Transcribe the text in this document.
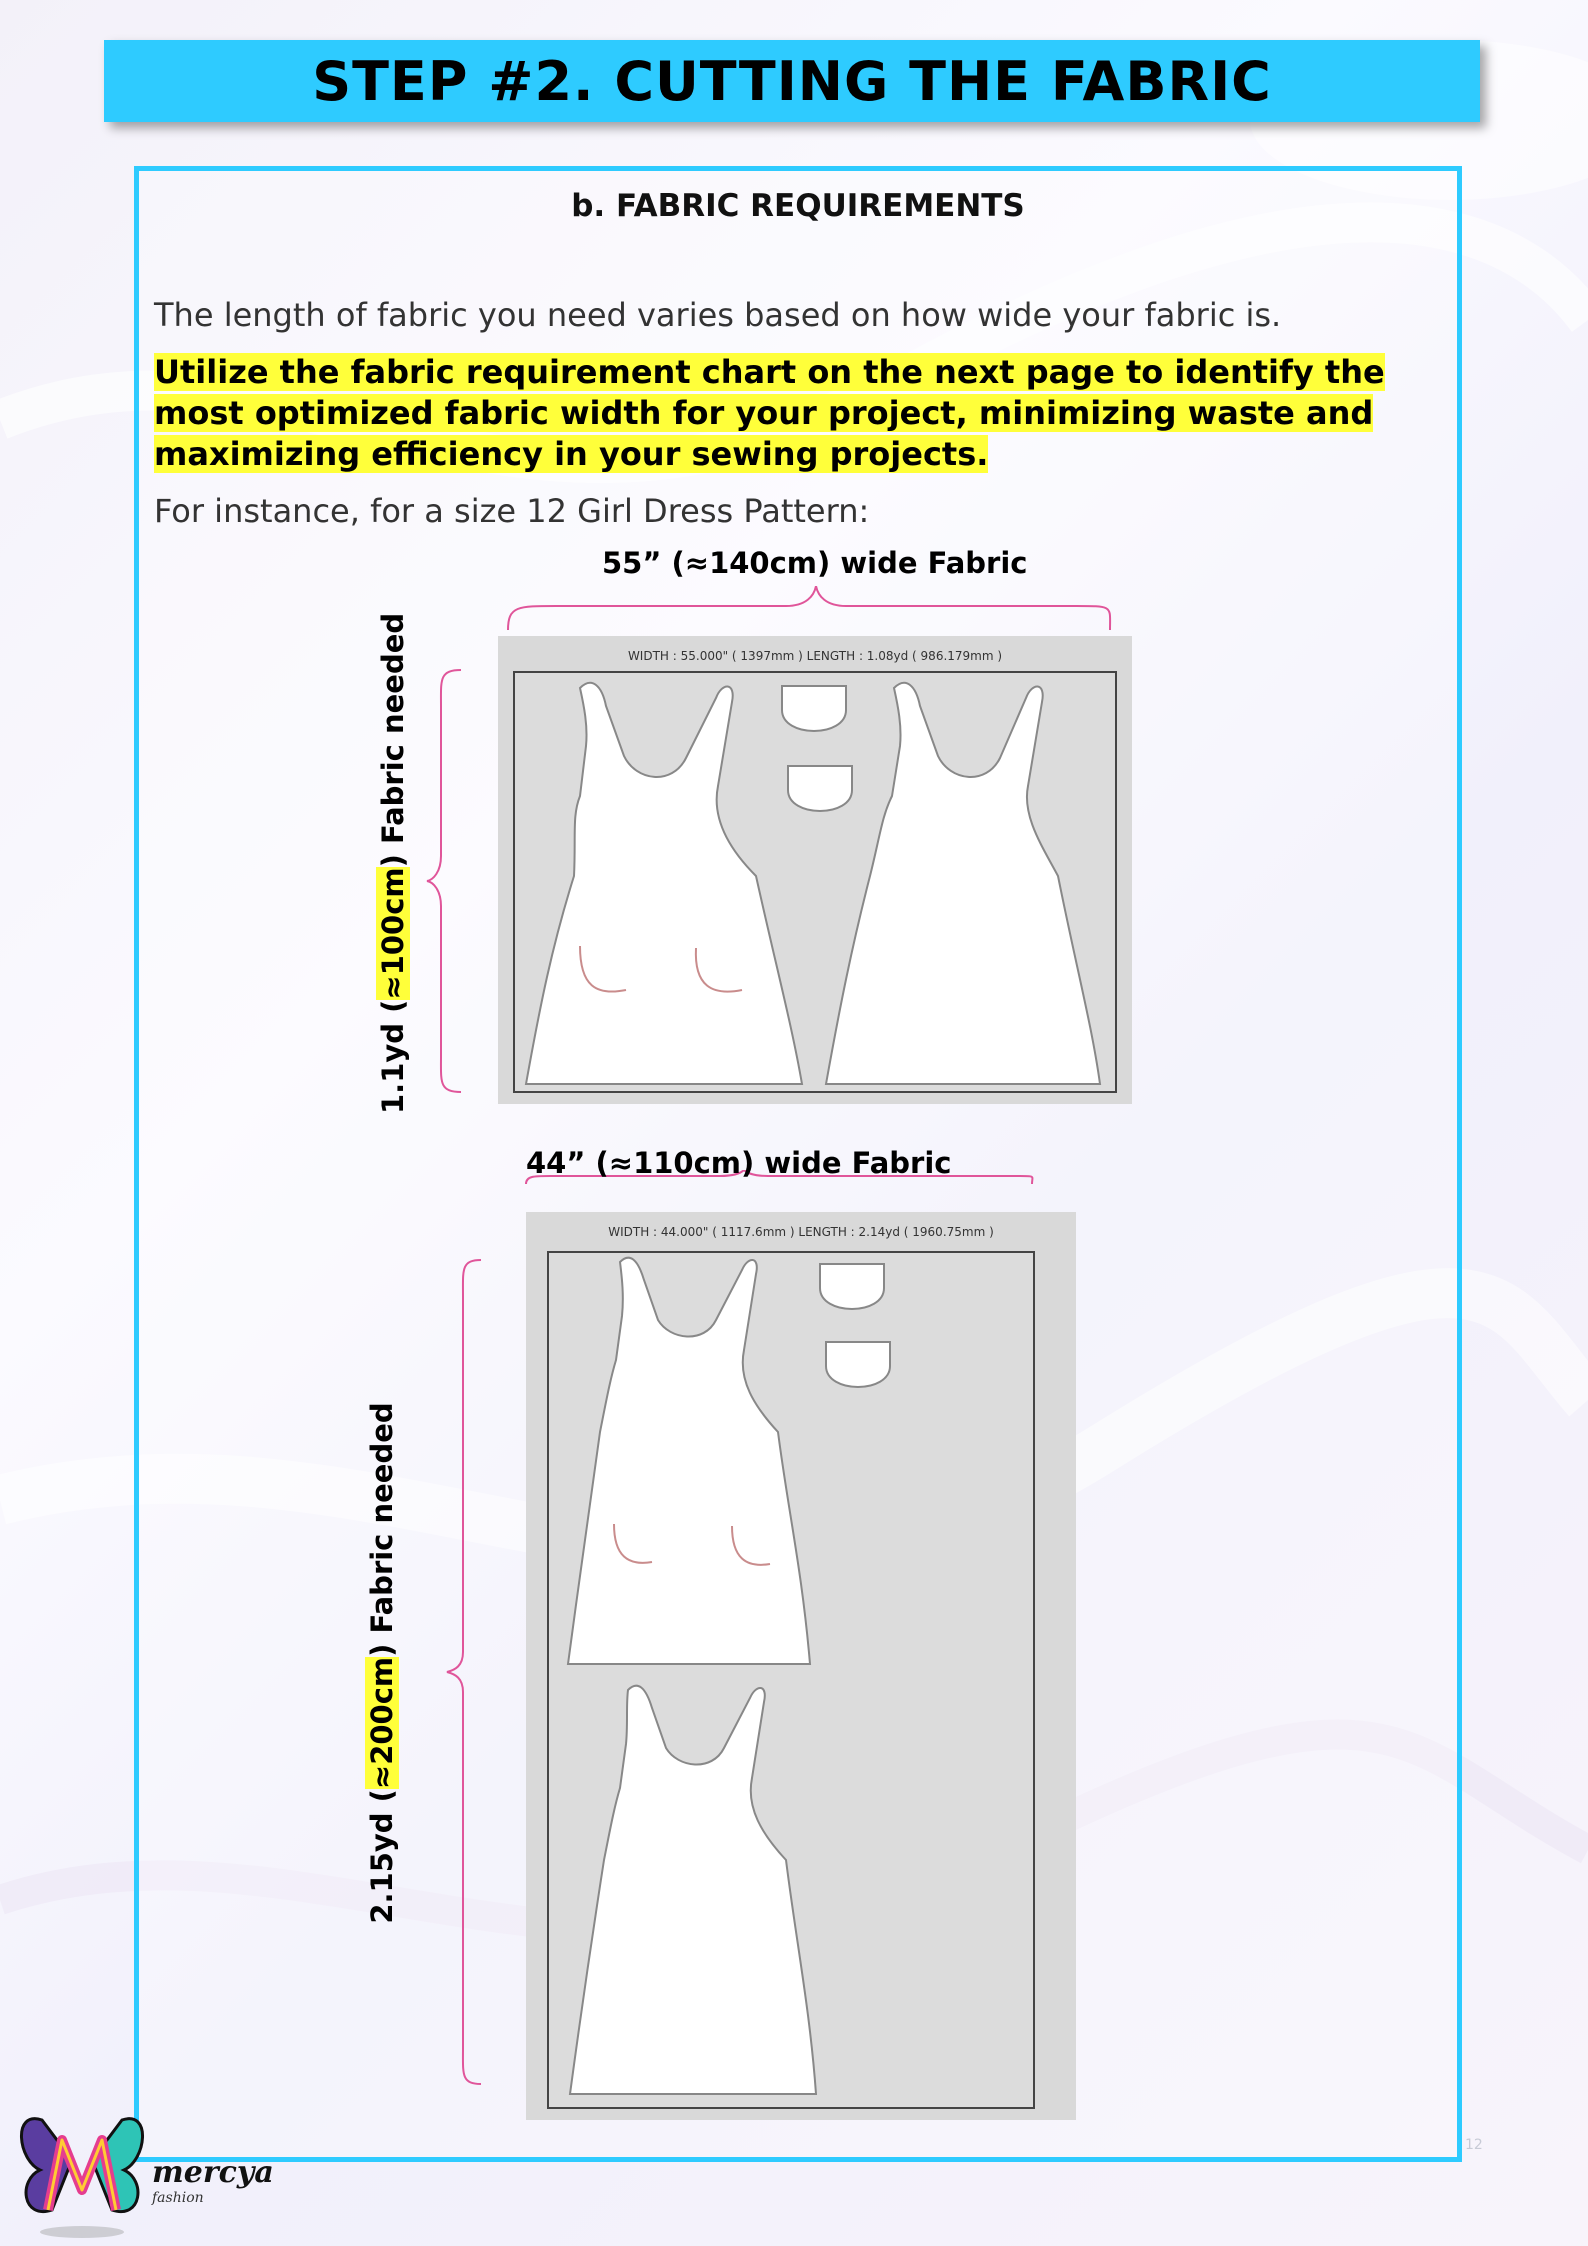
STEP #2. CUTTING THE FABRIC
b. FABRIC REQUIREMENTS
The length of fabric you need varies based on how wide your fabric is.

Utilize the fabric requirement chart on the next page to identify the most optimized fabric width for your project, minimizing waste and maximizing efficiency in your sewing projects.

For instance, for a size 12 Girl Dress Pattern:
55” (≈140cm) wide Fabric
WIDTH : 55.000" ( 1397mm ) LENGTH : 1.08yd ( 986.179mm )
1.1yd (≈100cm) Fabric needed
44” (≈110cm) wide Fabric
WIDTH : 44.000" ( 1117.6mm ) LENGTH : 2.14yd ( 1960.75mm )
2.15yd (≈200cm) Fabric needed
mercya
fashion
12
